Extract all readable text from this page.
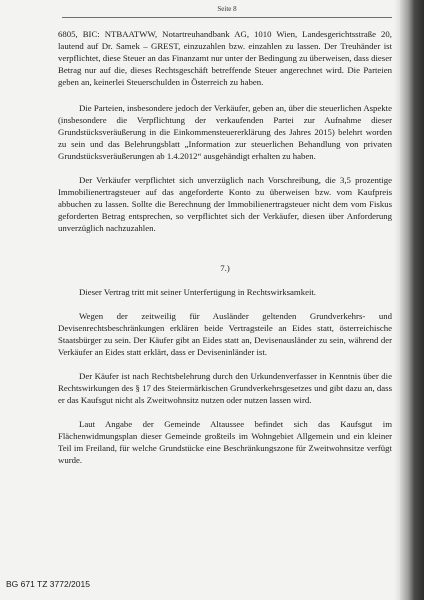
Seite 8

6805, BIC: NTBAATWW, Notartreuhandbank AG, 1010 Wien, Landesgerichtsstraße 20, lautend auf Dr. Samek – GREST, einzuzahlen bzw. einzahlen zu lassen. Der Treuhänder ist verpflichtet, diese Steuer an das Finanzamt nur unter der Bedingung zu überweisen, dass dieser Betrag nur auf die, dieses Rechtsgeschäft betreffende Steuer angerechnet wird. Die Parteien geben an, keinerlei Steuerschulden in Österreich zu haben.

Die Parteien, insbesondere jedoch der Verkäufer, geben an, über die steuerlichen Aspekte (insbesondere die Verpflichtung der verkaufenden Partei zur Aufnahme dieser Grundstücksveräußerung in die Einkommensteuererklärung des Jahres 2015) belehrt worden zu sein und das Belehrungsblatt „Information zur steuerlichen Behandlung von privaten Grundstücksveräußerungen ab 1.4.2012“ ausgehändigt erhalten zu haben.

Der Verkäufer verpflichtet sich unverzüglich nach Vorschreibung, die 3,5 prozentige Immobilienertragsteuer auf das angeforderte Konto zu überweisen bzw. vom Kaufpreis abbuchen zu lassen. Sollte die Berechnung der Immobilienertragsteuer nicht dem vom Fiskus geforderten Betrag entsprechen, so verpflichtet sich der Verkäufer, diesen über Anforderung unverzüglich nachzuzahlen.

7.)

Dieser Vertrag tritt mit seiner Unterfertigung in Rechtswirksamkeit.

Wegen der zeitweilig für Ausländer geltenden Grundverkehrs- und Devisenrechtsbeschränkungen erklären beide Vertragsteile an Eides statt, österreichische Staatsbürger zu sein. Der Käufer gibt an Eides statt an, Devisenausländer zu sein, während der Verkäufer an Eides statt erklärt, dass er Deviseninländer ist.

Der Käufer ist nach Rechtsbelehrung durch den Urkundenverfasser in Kenntnis über die Rechtswirkungen des § 17 des Steiermärkischen Grundverkehrsgesetzes und gibt dazu an, dass er das Kaufsgut nicht als Zweitwohnsitz nutzen oder nutzen lassen wird.

Laut Angabe der Gemeinde Altaussee befindet sich das Kaufsgut im Flächenwidmungsplan dieser Gemeinde großteils im Wohngebiet Allgemein und ein kleiner Teil im Freiland, für welche Grundstücke eine Beschränkungszone für Zweitwohnsitze verfügt wurde.

BG 671 TZ 3772/2015
